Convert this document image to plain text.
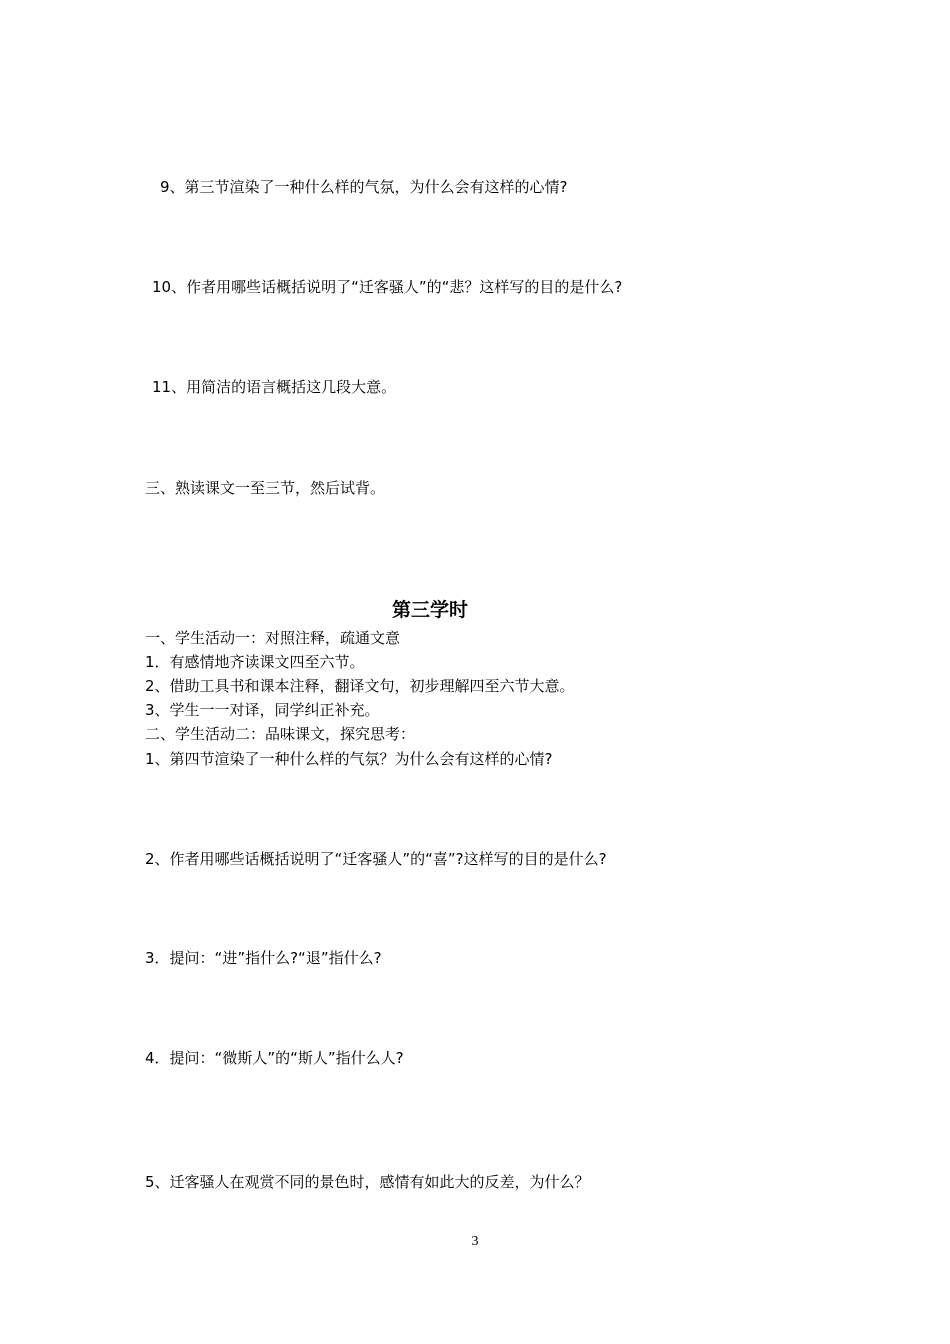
9、第三节渲染了一种什么样的气氛，为什么会有这样的心情?
10、作者用哪些话概括说明了“迁客骚人”的“悲？这样写的目的是什么?
11、用简洁的语言概括这几段大意。
三、熟读课文一至三节，然后试背。
第三学时
一、学生活动一：对照注释，疏通文意
1．有感情地齐读课文四至六节。
2、借助工具书和课本注释，翻译文句，初步理解四至六节大意。
3、学生一一对译，同学纠正补充。
二、学生活动二：品味课文，探究思考：
1、第四节渲染了一种什么样的气氛？为什么会有这样的心情?
2、作者用哪些话概括说明了“迁客骚人”的“喜”?这样写的目的是什么?
3．提问：“进”指什么?“退”指什么?
4．提问：“微斯人”的“斯人”指什么人?
5、迁客骚人在观赏不同的景色时，感情有如此大的反差，为什么？
3
